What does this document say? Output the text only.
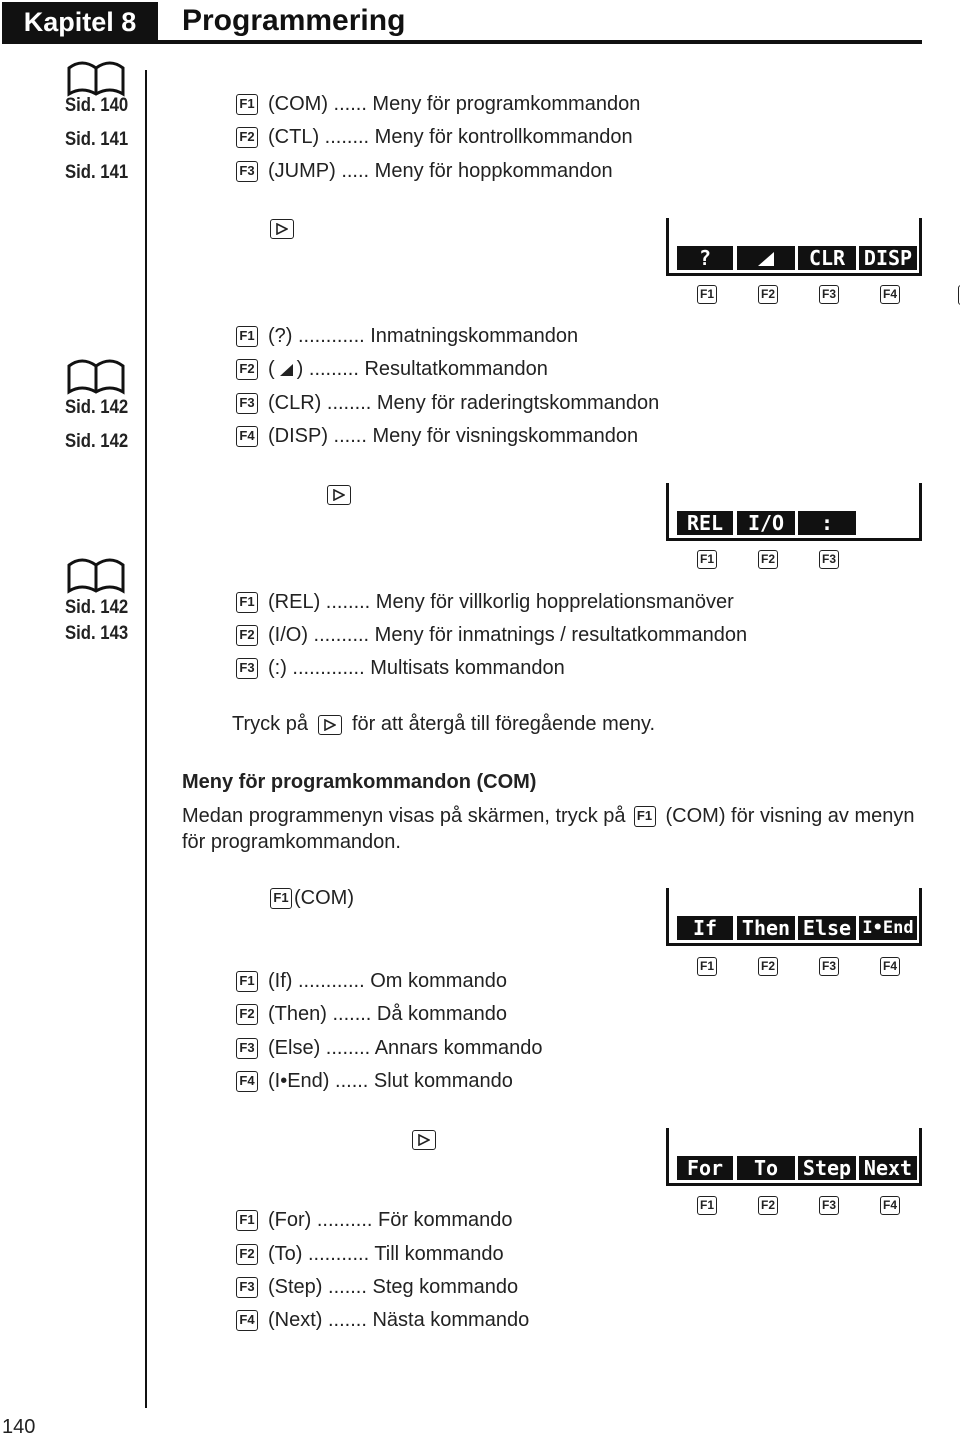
Kapitel 8	Programmering
Sid. 140
Sid. 141
Sid. 141
F1 (COM) ...... Meny för programkommandon
F2 (CTL) ........ Meny för kontrollkommandon
F3 (JUMP) ..... Meny för hoppkommandon

?	CLR DISP
F1	F2	F3	F4

Sid. 142
Sid. 142
F1 (?) ............ Inmatningskommandon
F2 ( ) ......... Resultatkommandon
F3 (CLR) ........ Meny för raderingtskommandon
F4 (DISP) ...... Meny för visningskommandon

REL	I/O	:
F1	F2	F3

Sid. 142
Sid. 143
F1 (REL) ........ Meny för villkorlig hopprelationsmanöver
F2 (I/O) .......... Meny för inmatnings / resultatkommandon
F3 (:) ............. Multisats kommandon
Tryck på för att återgå till föregående meny.
Meny för programkommandon (COM)
Medan programmenyn visas på skärmen, tryck på F1 (COM) för visning av menyn
för programkommandon.
F1 (COM)
If	Then Else I•End
F1	F2	F3	F4

F1 (If) ............ Om kommando
F2 (Then) ....... Då kommando
F3 (Else) ........ Annars kommando
F4 (I•End) ...... Slut kommando

For	To	Step Next
F1	F2	F3	F4
F1 (For) .......... För kommando
F2 (To) ........... Till kommando
F3 (Step) ....... Steg kommando
F4 (Next) ....... Nästa kommando
140
